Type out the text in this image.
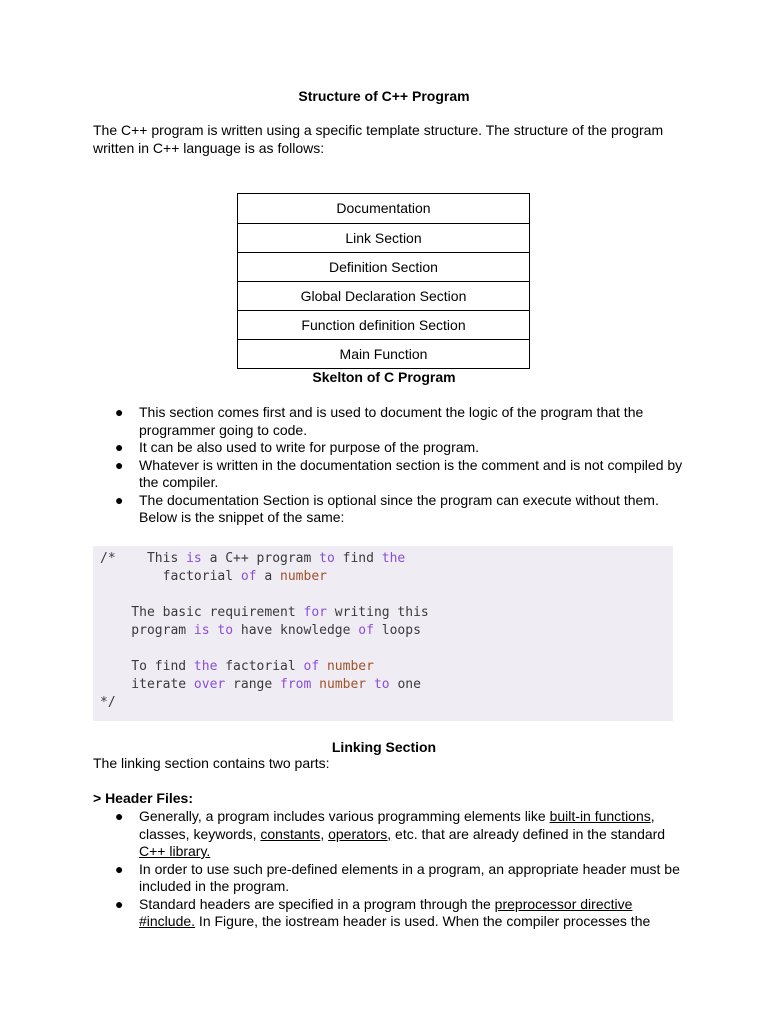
Structure of C++ Program
The C++ program is written using a specific template structure. The structure of the program written in C++ language is as follows:
Documentation
Link Section
Definition Section
Global Declaration Section
Function definition Section
Main Function
Skelton of C Program
● This section comes first and is used to document the logic of the program that the programmer going to code.
● It can be also used to write for purpose of the program.
● Whatever is written in the documentation section is the comment and is not compiled by the compiler.
● The documentation Section is optional since the program can execute without them. Below is the snippet of the same:
/*    This is a C++ program to find the
factorial of a number
The basic requirement for writing this
program is to have knowledge of loops
To find the factorial of number
iterate over range from number to one
*/
Linking Section
The linking section contains two parts:
> Header Files:
● Generally, a program includes various programming elements like built-in functions, classes, keywords, constants, operators, etc. that are already defined in the standard C++ library.
● In order to use such pre-defined elements in a program, an appropriate header must be included in the program.
● Standard headers are specified in a program through the preprocessor directive #include. In Figure, the iostream header is used. When the compiler processes the
